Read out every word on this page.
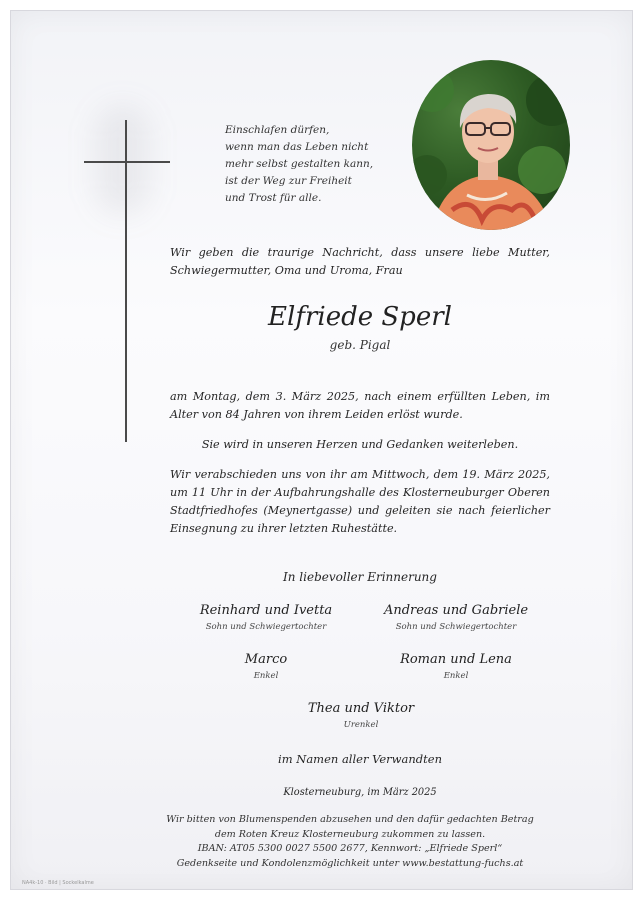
Einschlafen dürfen,
wenn man das Leben nicht
mehr selbst gestalten kann,
ist der Weg zur Freiheit
und Trost für alle.
Wir geben die traurige Nachricht, dass unsere liebe Mutter, Schwiegermutter, Oma und Uroma, Frau
Elfriede Sperl
geb. Pigal
am Montag, dem 3. März 2025, nach einem erfüllten Leben, im Alter von 84 Jahren von ihrem Leiden erlöst wurde.
Sie wird in unseren Herzen und Gedanken weiterleben.
Wir verabschieden uns von ihr am Mittwoch, dem 19. März 2025, um 11 Uhr in der Aufbahrungshalle des Klosterneuburger Oberen Stadtfriedhofes (Meynertgasse) und geleiten sie nach feierlicher Einsegnung zu ihrer letzten Ruhestätte.
In liebevoller Erinnerung
Reinhard und Ivetta
Sohn und Schwiegertochter
Andreas und Gabriele
Sohn und Schwiegertochter
Marco
Enkel
Roman und Lena
Enkel
Thea und Viktor
Urenkel
im Namen aller Verwandten
Klosterneuburg, im März 2025
Wir bitten von Blumenspenden abzusehen und den dafür gedachten Betrag
dem Roten Kreuz Klosterneuburg zukommen zu lassen.
IBAN: AT05 5300 0027 5500 2677, Kennwort: „Elfriede Sperl“
Gedenkseite und Kondolenzmöglichkeit unter www.bestattung-fuchs.at
NA4k-10 · Bild | Sockelkalme
